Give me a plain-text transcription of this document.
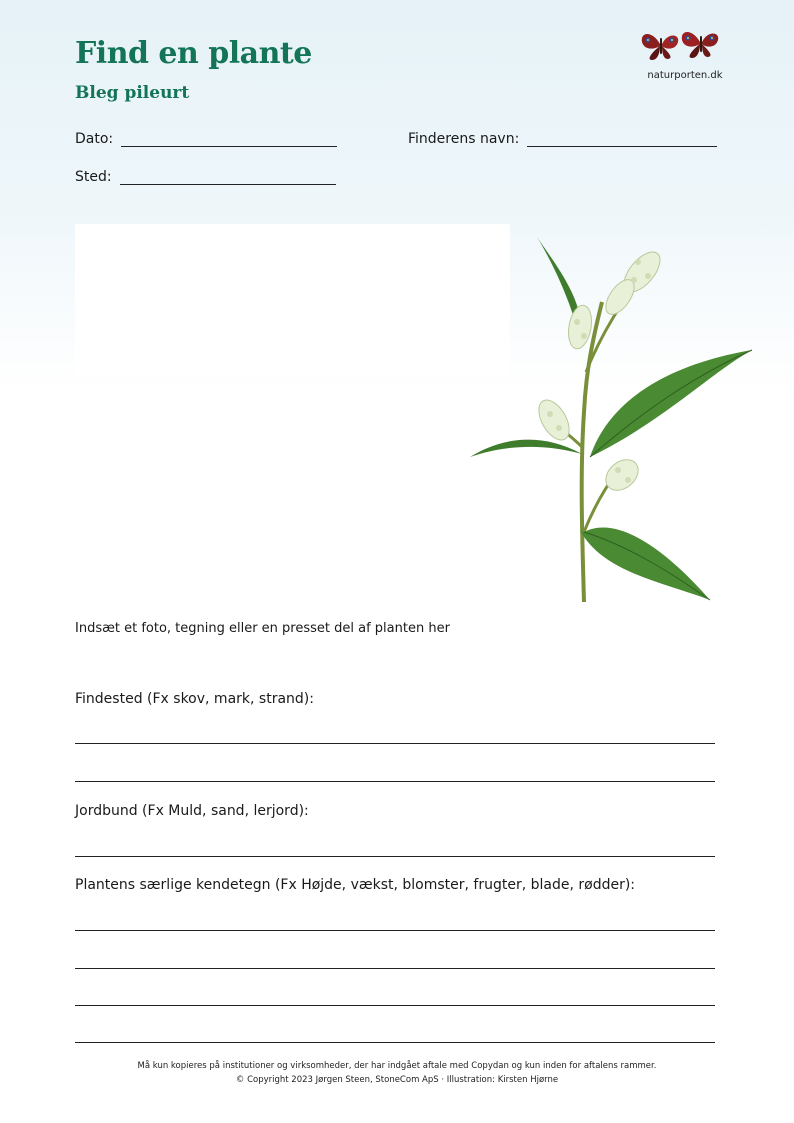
Find en plante
Bleg pileurt
naturporten.dk
Dato:	Finderens navn:
Sted:
Indsæt et foto, tegning eller en presset del af planten her
Findested (Fx skov, mark, strand):
Jordbund (Fx Muld, sand, lerjord):
Plantens særlige kendetegn (Fx Højde, vækst, blomster, frugter, blade, rødder):
Må kun kopieres på institutioner og virksomheder, der har indgået aftale med Copydan og kun inden for aftalens rammer.
© Copyright 2023 Jørgen Steen, StoneCom ApS · Illustration: Kirsten Hjørne
